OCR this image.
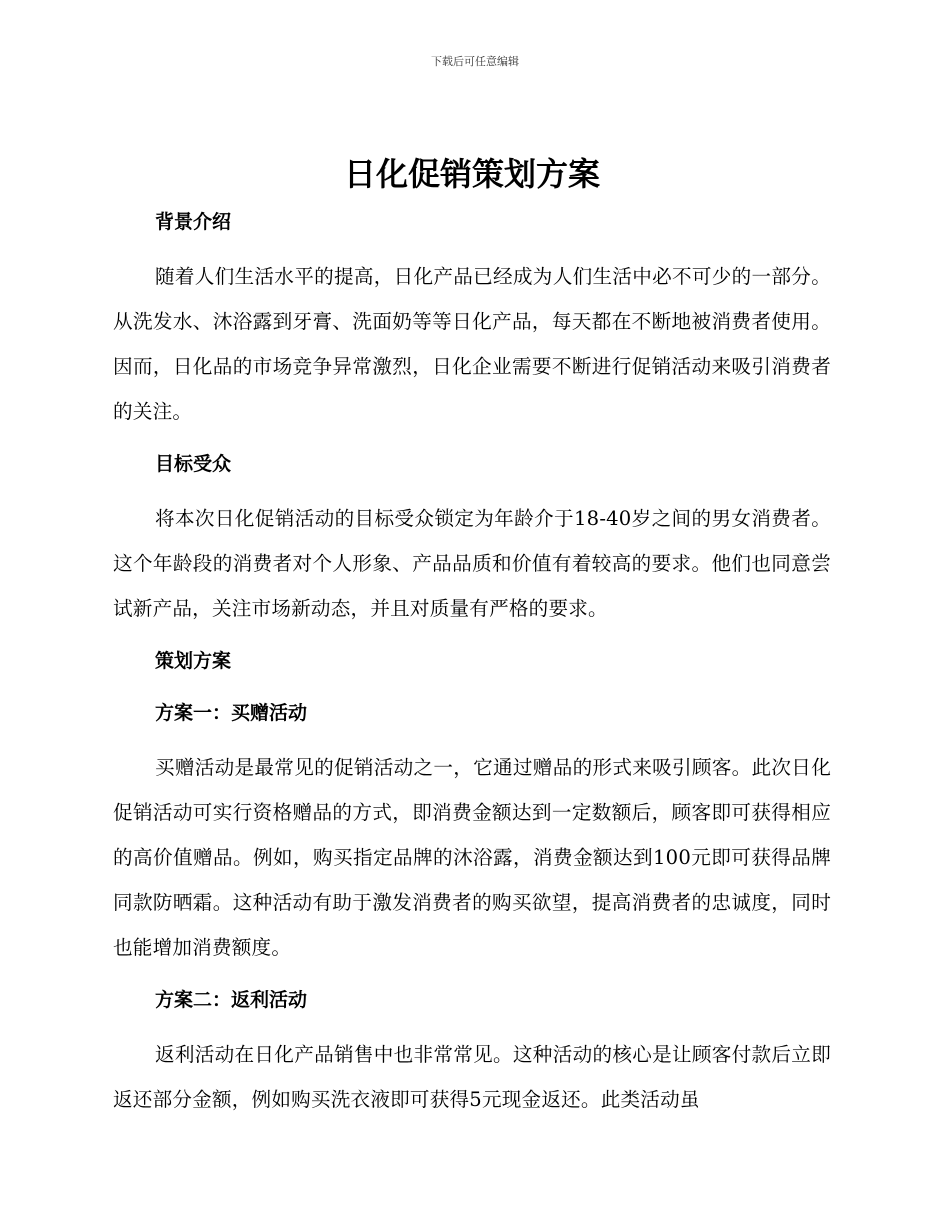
下载后可任意编辑
日化促销策划方案
背景介绍

随着人们生活水平的提高，日化产品已经成为人们生活中必不可少的一部分。从洗发水、沐浴露到牙膏、洗面奶等等日化产品，每天都在不断地被消费者使用。因而，日化品的市场竞争异常激烈，日化企业需要不断进行促销活动来吸引消费者的关注。

目标受众

将本次日化促销活动的目标受众锁定为年龄介于18-40岁之间的男女消费者。这个年龄段的消费者对个人形象、产品品质和价值有着较高的要求。他们也同意尝试新产品，关注市场新动态，并且对质量有严格的要求。

策划方案
方案一：买赠活动

买赠活动是最常见的促销活动之一，它通过赠品的形式来吸引顾客。此次日化促销活动可实行资格赠品的方式，即消费金额达到一定数额后，顾客即可获得相应的高价值赠品。例如，购买指定品牌的沐浴露，消费金额达到100元即可获得品牌同款防晒霜。这种活动有助于激发消费者的购买欲望，提高消费者的忠诚度，同时也能增加消费额度。

方案二：返利活动

返利活动在日化产品销售中也非常常见。这种活动的核心是让顾客付款后立即返还部分金额，例如购买洗衣液即可获得5元现金返还。此类活动虽
